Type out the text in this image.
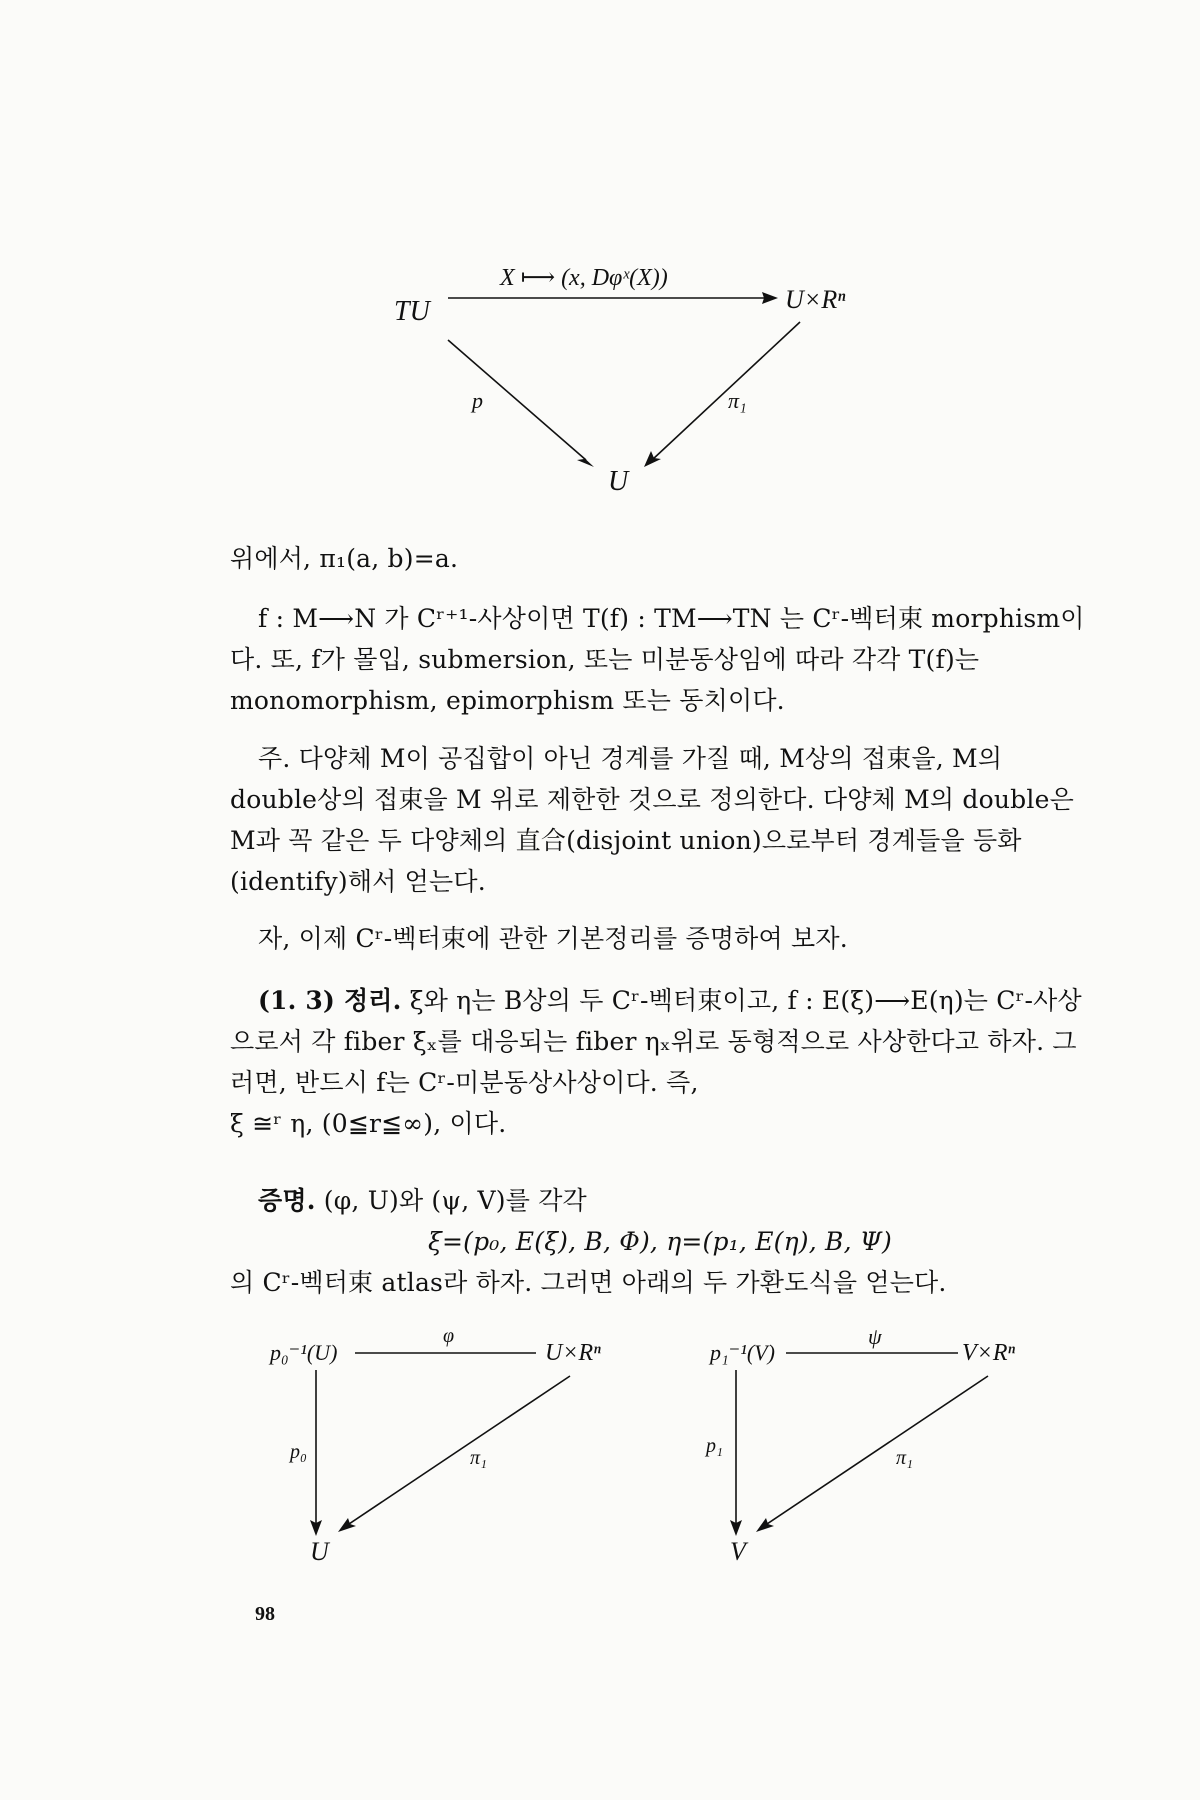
X ⟼ (x, Dφˣ(X))
TU	U×Rⁿ
U
p	π₁

위에서, π₁(a, b)=a.

f : M⟶N 가 Cʳ⁺¹-사상이면 T(f) : TM⟶TN 는 Cʳ-벡터束 morphism이다. 또, f가 몰입, submersion, 또는 미분동상임에 따라 각각 T(f)는 monomorphism, epimorphism 또는 동치이다.

주. 다양체 M이 공집합이 아닌 경계를 가질 때, M상의 접束을, M의 double상의 접束을 M 위로 제한한 것으로 정의한다. 다양체 M의 double은 M과 꼭 같은 두 다양체의 直合(disjoint union)으로부터 경계들을 등화(identify)해서 얻는다.

자, 이제 Cʳ-벡터束에 관한 기본정리를 증명하여 보자.

(1. 3) 정리. ξ와 η는 B상의 두 Cʳ-벡터束이고, f : E(ξ)⟶E(η)는 Cʳ-사상으로서 각 fiber ξₓ를 대응되는 fiber ηₓ위로 동형적으로 사상한다고 하자. 그러면, 반드시 f는 Cʳ-미분동상사상이다. 즉,

ξ ≅ʳ η, (0≦r≦∞), 이다.

증명. (φ, U)와 (ψ, V)를 각각

ξ=(p₀, E(ξ), B, Φ), η=(p₁, E(η), B, Ψ)

의 Cʳ-벡터束 atlas라 하자. 그러면 아래의 두 가환도식을 얻는다.

p₀⁻¹(U)	U×Rⁿ
U
φ
p₀	π₁
p₁⁻¹(V)	V×Rⁿ
V
ψ
p₁
π₁
98
